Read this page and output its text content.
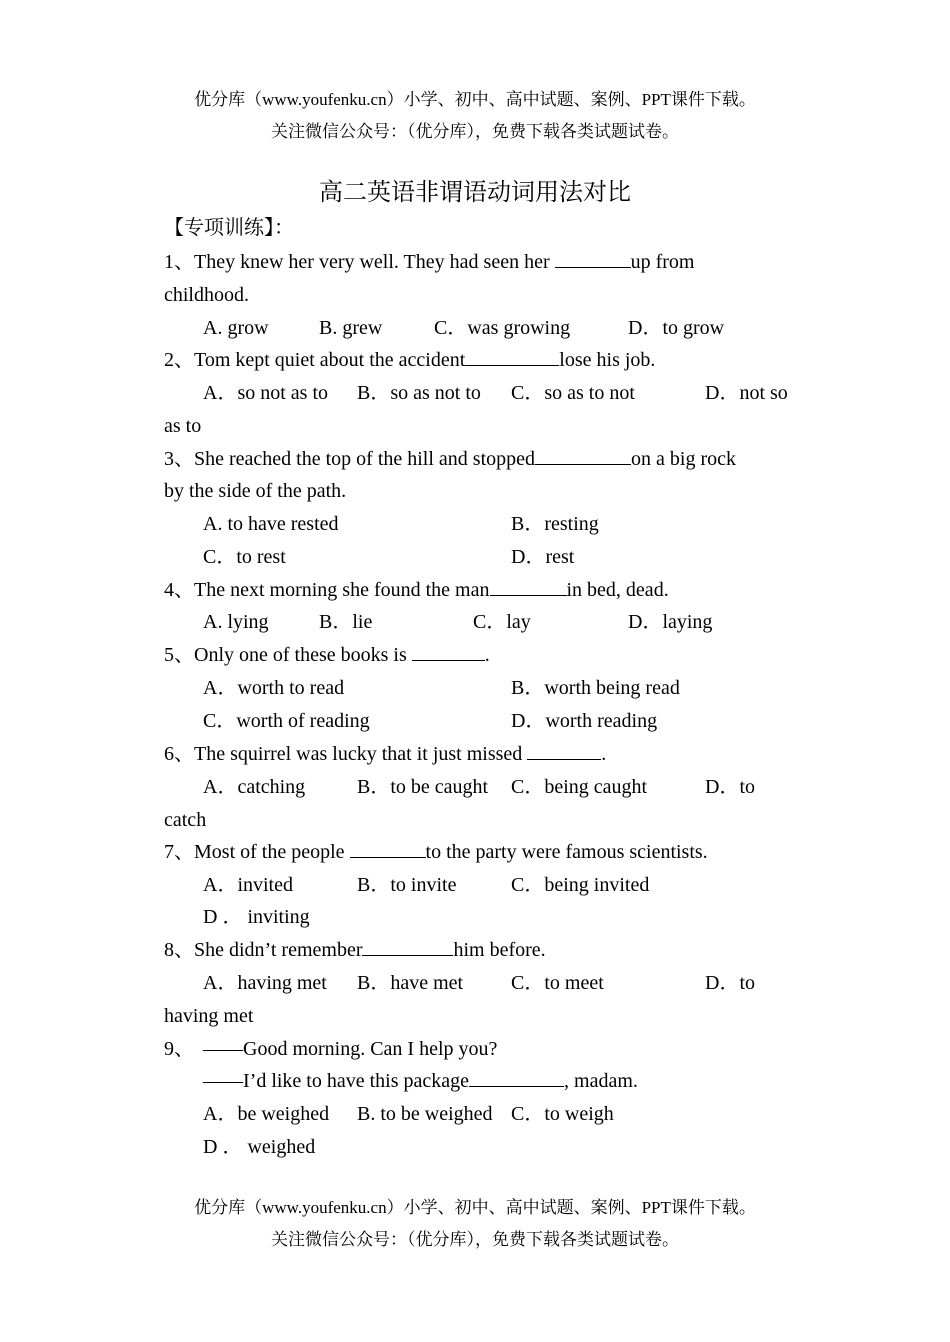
优分库（www.youfenku.cn）小学、初中、高中试题、案例、PPT课件下载。
关注微信公众号：（优分库），免费下载各类试题试卷。
高二英语非谓语动词用法对比
【专项训练】：
1、They knew her very well. They had seen her	up from
childhood.
A. grow	B. grew	C．was growing	D．to grow
2、Tom kept quiet about the accident	lose his job.
A．so not as to B．so as not to C．so as to not	D．not so
as to
3、She reached the top of the hill and stopped	on a big rock
by the side of the path.
A. to have rested	B．resting
C．to rest	D．rest
4、The next morning she found the man	in bed, dead.
A. lying	B．lie	C．lay	D．laying
5、Only one of these books is	.
A．worth to read	B．worth being read
C．worth of reading	D．worth reading
6、The squirrel was lucky that it just missed	.
A．catching	B．to be caught C．being caught	D．to
catch
7、Most of the people	to the party were famous scientists.
A．invited	B．to invite	C．being invited
D ． inviting
8、She didn’t remember	him before.
A．having met B．have met C．to meet	D．to
having met
9、 ——Good morning. Can I help you?
——I’d like to have this package	, madam.
A．be weighed B. to be weighed C．to weigh
D ． weighed
优分库（www.youfenku.cn）小学、初中、高中试题、案例、PPT课件下载。
关注微信公众号：（优分库），免费下载各类试题试卷。
